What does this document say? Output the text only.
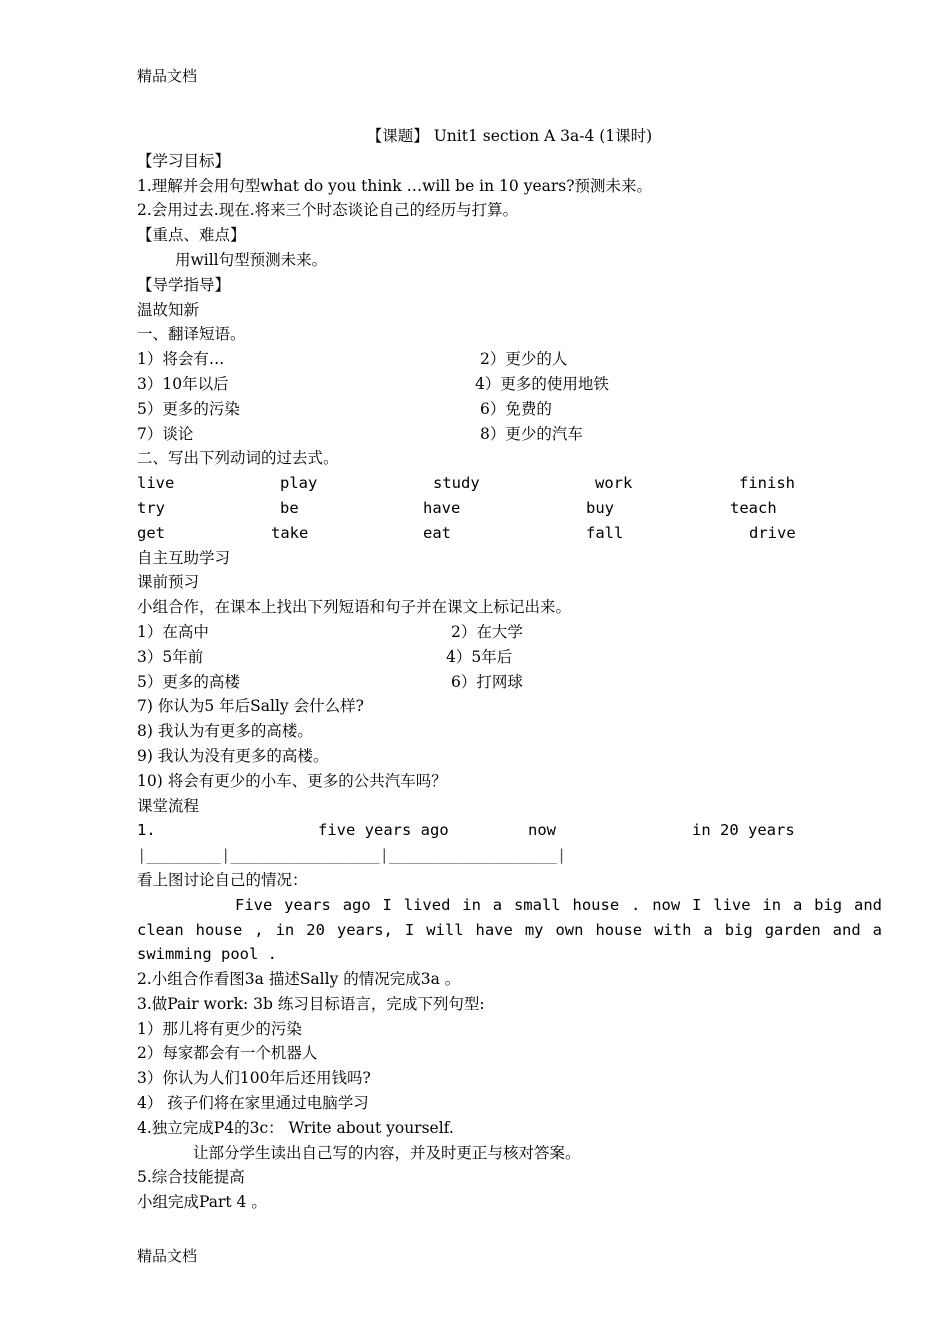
精品文档
【课题】 Unit1 section A 3a-4 (1课时)
【学习目标】
1.理解并会用句型what do you think …will be in 10 years?预测未来。
2.会用过去.现在.将来三个时态谈论自己的经历与打算。
【重点、难点】
用will句型预测未来。
【导学指导】
温故知新
一、翻译短语。
1）将会有…	2）更少的人
3）10年以后	4）更多的使用地铁
5）更多的污染	6）免费的
7）谈论	8）更少的汽车
二、写出下列动词的过去式。
live	play	study	work	finish
try	be	have	buy	teach
get	take	eat	fall	drive
自主互助学习
课前预习
小组合作，在课本上找出下列短语和句子并在课文上标记出来。
1）在高中	2）在大学
3）5年前	4）5年后
5）更多的高楼	6）打网球
7) 你认为5 年后Sally 会什么样?
8) 我认为有更多的高楼。
9) 我认为没有更多的高楼。
10) 将会有更少的小车、更多的公共汽车吗？
课堂流程
1.	five years ago	now	in 20 years
|________|________________|__________________|
看上图讨论自己的情况：
Five years ago I lived in a small house . now I live in a big and
clean house , in 20 years, I will have my own house with a big garden and a
swimming pool .
2.小组合作看图3a 描述Sally 的情况完成3a 。
3.做Pair work: 3b 练习目标语言，完成下列句型:
1）那儿将有更少的污染
2）每家都会有一个机器人
3）你认为人们100年后还用钱吗?
4） 孩子们将在家里通过电脑学习
4.独立完成P4的3c： Write about yourself.
让部分学生读出自己写的内容，并及时更正与核对答案。
5.综合技能提高
小组完成Part 4 。
精品文档
